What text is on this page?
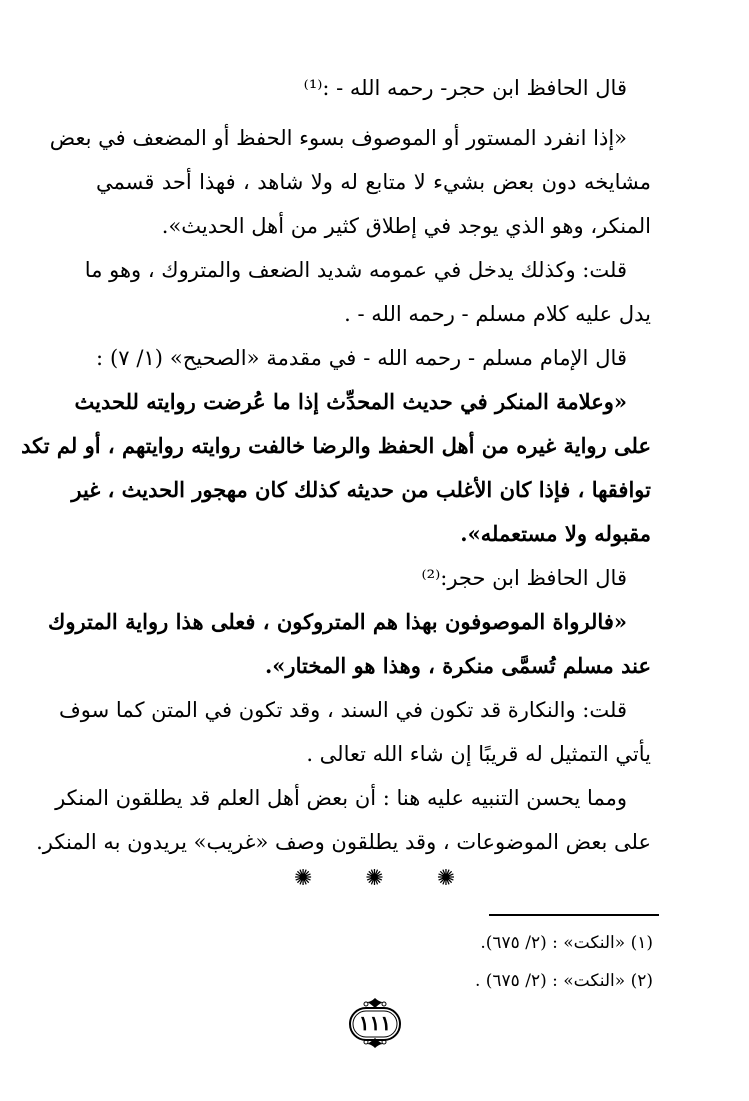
قال الحافظ ابن حجر- رحمه الله - :⁽¹⁾
«إذا انفرد المستور أو الموصوف بسوء الحفظ أو المضعف في بعض
مشايخه دون بعض بشيء لا متابع له ولا شاهد ، فهذا أحد قسمي
المنكر، وهو الذي يوجد في إطلاق كثير من أهل الحديث».
قلت: وكذلك يدخل في عمومه شديد الضعف والمتروك ، وهو ما
يدل عليه كلام مسلم - رحمه الله - .
قال الإمام مسلم - رحمه الله - في مقدمة «الصحيح» (١/ ٧) :
«وعلامة المنكر في حديث المحدِّث إذا ما عُرضت روايته للحديث
على رواية غيره من أهل الحفظ والرضا خالفت روايته روايتهم ، أو لم تكد
توافقها ، فإذا كان الأغلب من حديثه كذلك كان مهجور الحديث ، غير
مقبوله ولا مستعمله».
قال الحافظ ابن حجر:⁽²⁾
«فالرواة الموصوفون بهذا هم المتروكون ، فعلى هذا رواية المتروك
عند مسلم تُسمَّى منكرة ، وهذا هو المختار».
قلت: والنكارة قد تكون في السند ، وقد تكون في المتن كما سوف
يأتي التمثيل له قريبًا إن شاء الله تعالى .
ومما يحسن التنبيه عليه هنا : أن بعض أهل العلم قد يطلقون المنكر
على بعض الموضوعات ، وقد يطلقون وصف «غريب» يريدون به المنكر.
✺ ✺ ✺
(١) «النكت» : (٢/ ٦٧٥).
(٢) «النكت» : (٢/ ٦٧٥) .
١١١
